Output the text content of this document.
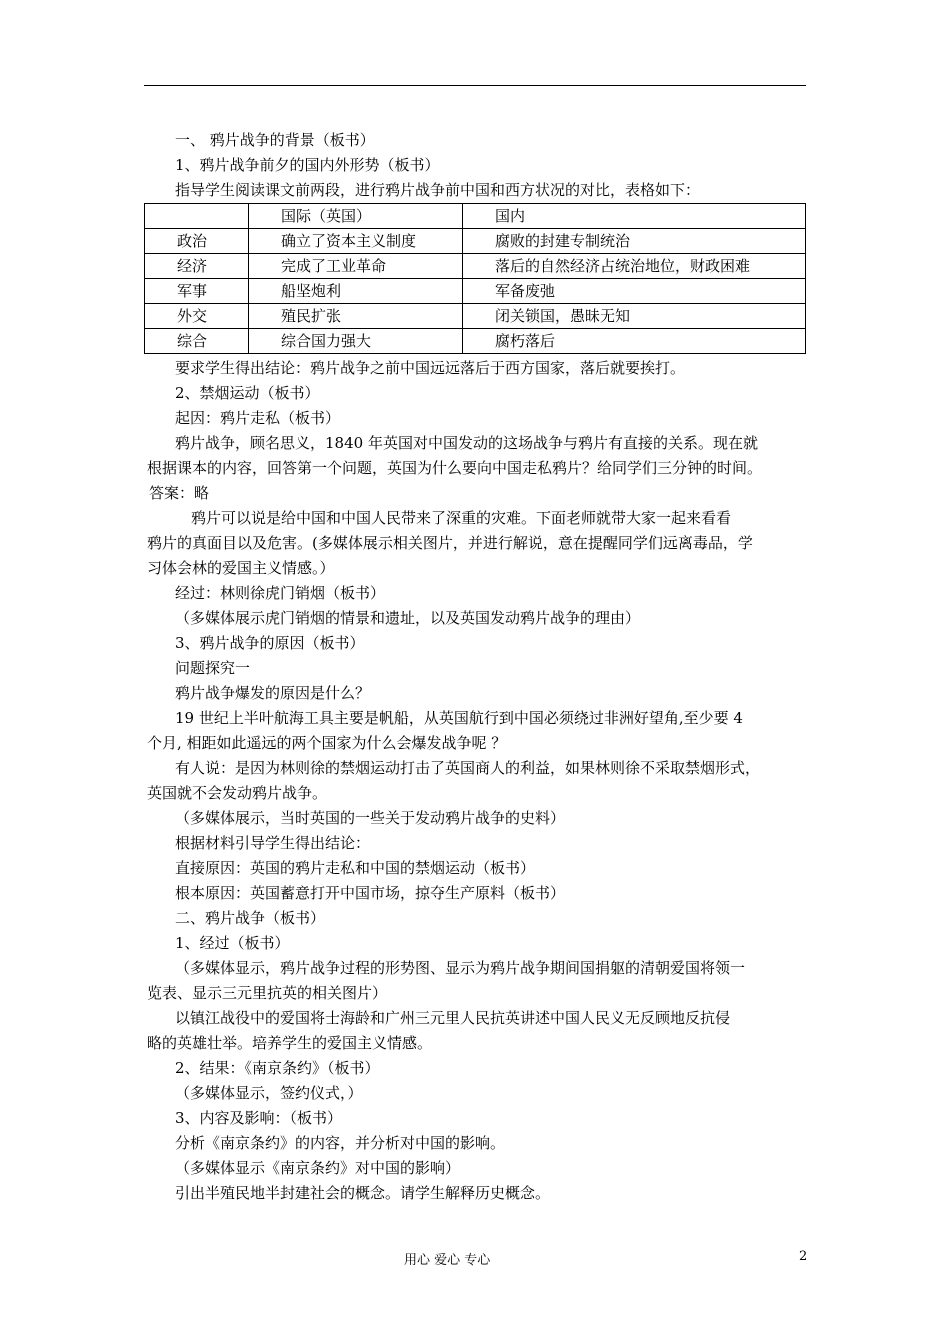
一、 鸦片战争的背景（板书）
1、鸦片战争前夕的国内外形势（板书）
指导学生阅读课文前两段，进行鸦片战争前中国和西方状况的对比，表格如下：
	国际（英国）	国内
政治	确立了资本主义制度	腐败的封建专制统治
经济	完成了工业革命	落后的自然经济占统治地位，财政困难
军事	船坚炮利	军备废弛
外交	殖民扩张	闭关锁国，愚昧无知
综合	综合国力强大	腐朽落后
要求学生得出结论：鸦片战争之前中国远远落后于西方国家，落后就要挨打。
2、禁烟运动（板书）
起因：鸦片走私（板书）
鸦片战争，顾名思义，1840 年英国对中国发动的这场战争与鸦片有直接的关系。现在就
根据课本的内容，回答第一个问题，英国为什么要向中国走私鸦片？给同学们三分钟的时间。
答案：略
鸦片可以说是给中国和中国人民带来了深重的灾难。下面老师就带大家一起来看看
鸦片的真面目以及危害。(多媒体展示相关图片，并进行解说，意在提醒同学们远离毒品，学
习体会林的爱国主义情感。）
经过：林则徐虎门销烟（板书）
（多媒体展示虎门销烟的情景和遗址，以及英国发动鸦片战争的理由）
3、鸦片战争的原因（板书）
问题探究一
鸦片战争爆发的原因是什么？
19 世纪上半叶航海工具主要是帆船，从英国航行到中国必须绕过非洲好望角,至少要 4
个月, 相距如此遥远的两个国家为什么会爆发战争呢 ？
有人说：是因为林则徐的禁烟运动打击了英国商人的利益，如果林则徐不采取禁烟形式，
英国就不会发动鸦片战争。
（多媒体展示，当时英国的一些关于发动鸦片战争的史料）
根据材料引导学生得出结论：
直接原因：英国的鸦片走私和中国的禁烟运动（板书）
根本原因：英国蓄意打开中国市场，掠夺生产原料（板书）
二、鸦片战争（板书）
1、经过（板书）
（多媒体显示，鸦片战争过程的形势图、显示为鸦片战争期间国捐躯的清朝爱国将领一
览表、显示三元里抗英的相关图片）
以镇江战役中的爱国将士海龄和广州三元里人民抗英讲述中国人民义无反顾地反抗侵
略的英雄壮举。培养学生的爱国主义情感。
2、结果：《南京条约》（板书）
（多媒体显示，签约仪式，）
3、内容及影响：（板书）
分析《南京条约》的内容，并分析对中国的影响。
（多媒体显示《南京条约》对中国的影响）
引出半殖民地半封建社会的概念。请学生解释历史概念。
用心 爱心 专心	2
